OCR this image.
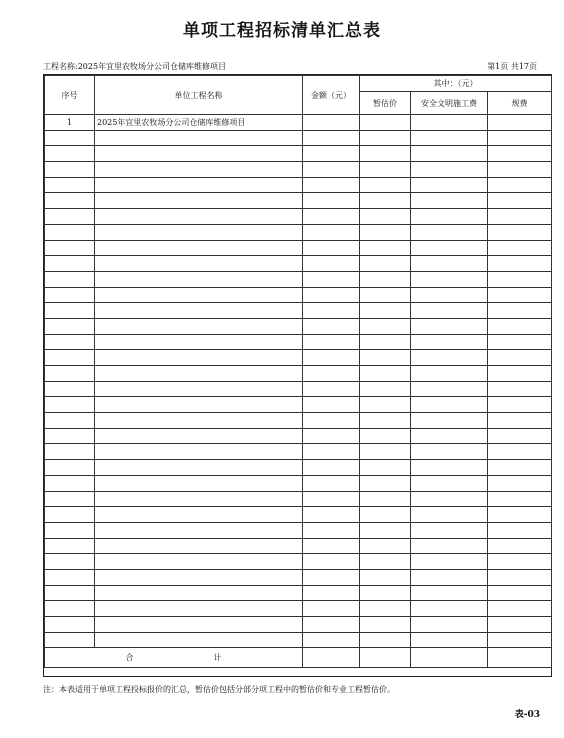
单项工程招标清单汇总表
工程名称: 2025年宜里农牧场分公司仓储库维修项目	第1页 共17页
序号	单位工程名称	金额（元）	其中：（元）		
			暂估价	安全文明施工费	规费
1	2025年宜里农牧场分公司仓储库维修项目				

合 计					
注：本表适用于单项工程投标报价的汇总，暂估价包括分部分项工程中的暂估价和专业工程暂估价。
表-03
